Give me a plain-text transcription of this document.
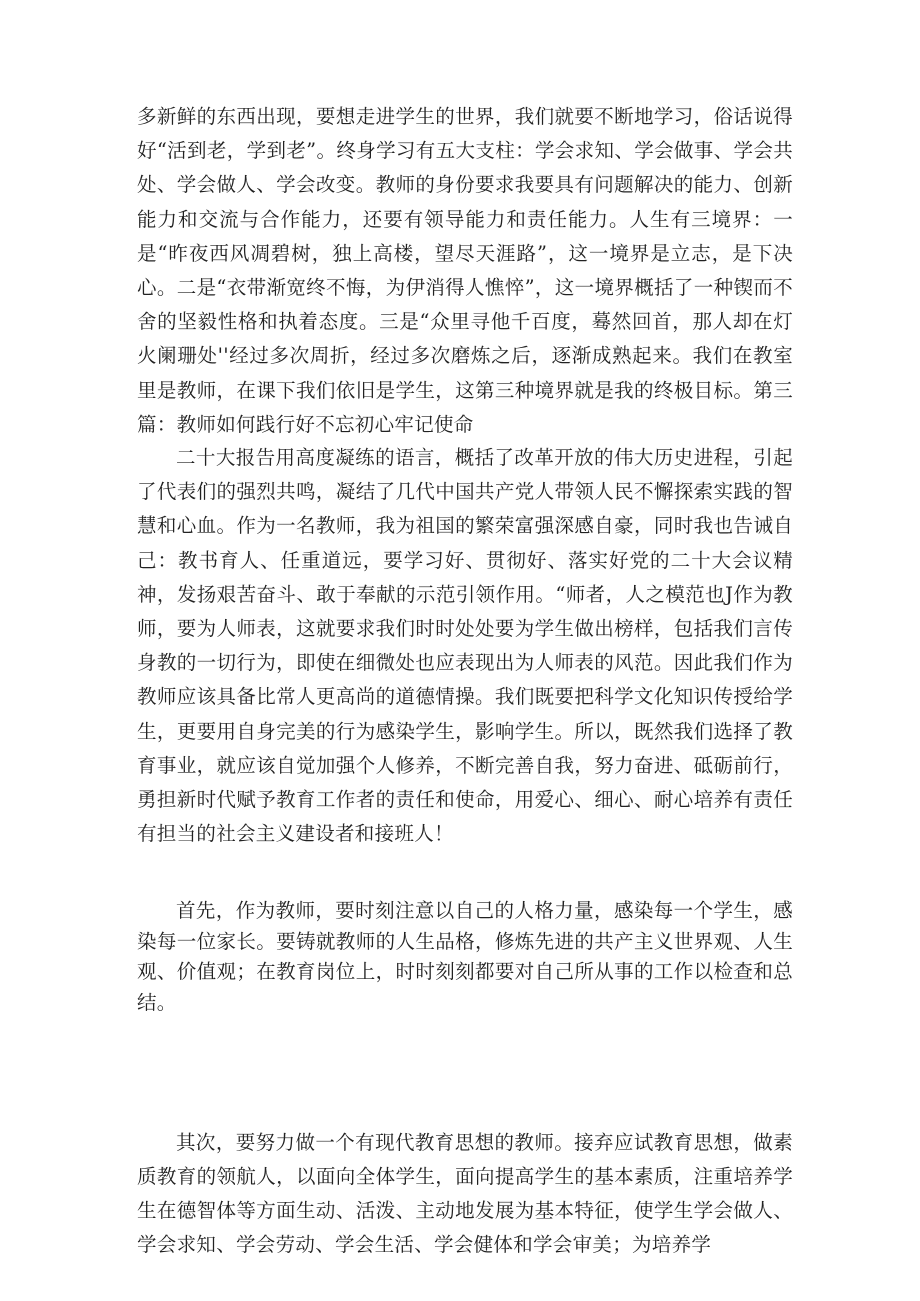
多新鲜的东西出现，要想走进学生的世界，我们就要不断地学习，俗话说得好“活到老，学到老”。终身学习有五大支柱：学会求知、学会做事、学会共处、学会做人、学会改变。教师的身份要求我要具有问题解决的能力、创新能力和交流与合作能力，还要有领导能力和责任能力。人生有三境界：一是“昨夜西风凋碧树，独上高楼，望尽天涯路”，这一境界是立志，是下决心。二是“衣带渐宽终不悔，为伊消得人憔悴”，这一境界概括了一种锲而不舍的坚毅性格和执着态度。三是“众里寻他千百度，蓦然回首，那人却在灯火阑珊处''经过多次周折，经过多次磨炼之后，逐渐成熟起来。我们在教室里是教师，在课下我们依旧是学生，这第三种境界就是我的终极目标。第三篇：教师如何践行好不忘初心牢记使命

二十大报告用高度凝练的语言，概括了改革开放的伟大历史进程，引起了代表们的强烈共鸣，凝结了几代中国共产党人带领人民不懈探索实践的智慧和心血。作为一名教师，我为祖国的繁荣富强深感自豪，同时我也告诫自己：教书育人、任重道远，要学习好、贯彻好、落实好党的二十大会议精神，发扬艰苦奋斗、敢于奉献的示范引领作用。“师者，人之模范也J作为教师，要为人师表，这就要求我们时时处处要为学生做出榜样，包括我们言传身教的一切行为，即使在细微处也应表现出为人师表的风范。因此我们作为教师应该具备比常人更高尚的道德情操。我们既要把科学文化知识传授给学生，更要用自身完美的行为感染学生，影响学生。所以，既然我们选择了教育事业，就应该自觉加强个人修养，不断完善自我，努力奋进、砥砺前行，勇担新时代赋予教育工作者的责任和使命，用爱心、细心、耐心培养有责任有担当的社会主义建设者和接班人！

首先，作为教师，要时刻注意以自己的人格力量，感染每一个学生，感染每一位家长。要铸就教师的人生品格，修炼先进的共产主义世界观、人生观、价值观；在教育岗位上，时时刻刻都要对自己所从事的工作以检查和总结。

其次，要努力做一个有现代教育思想的教师。接弃应试教育思想，做素质教育的领航人，以面向全体学生，面向提高学生的基本素质，注重培养学生在德智体等方面生动、活泼、主动地发展为基本特征，使学生学会做人、学会求知、学会劳动、学会生活、学会健体和学会审美；为培养学
